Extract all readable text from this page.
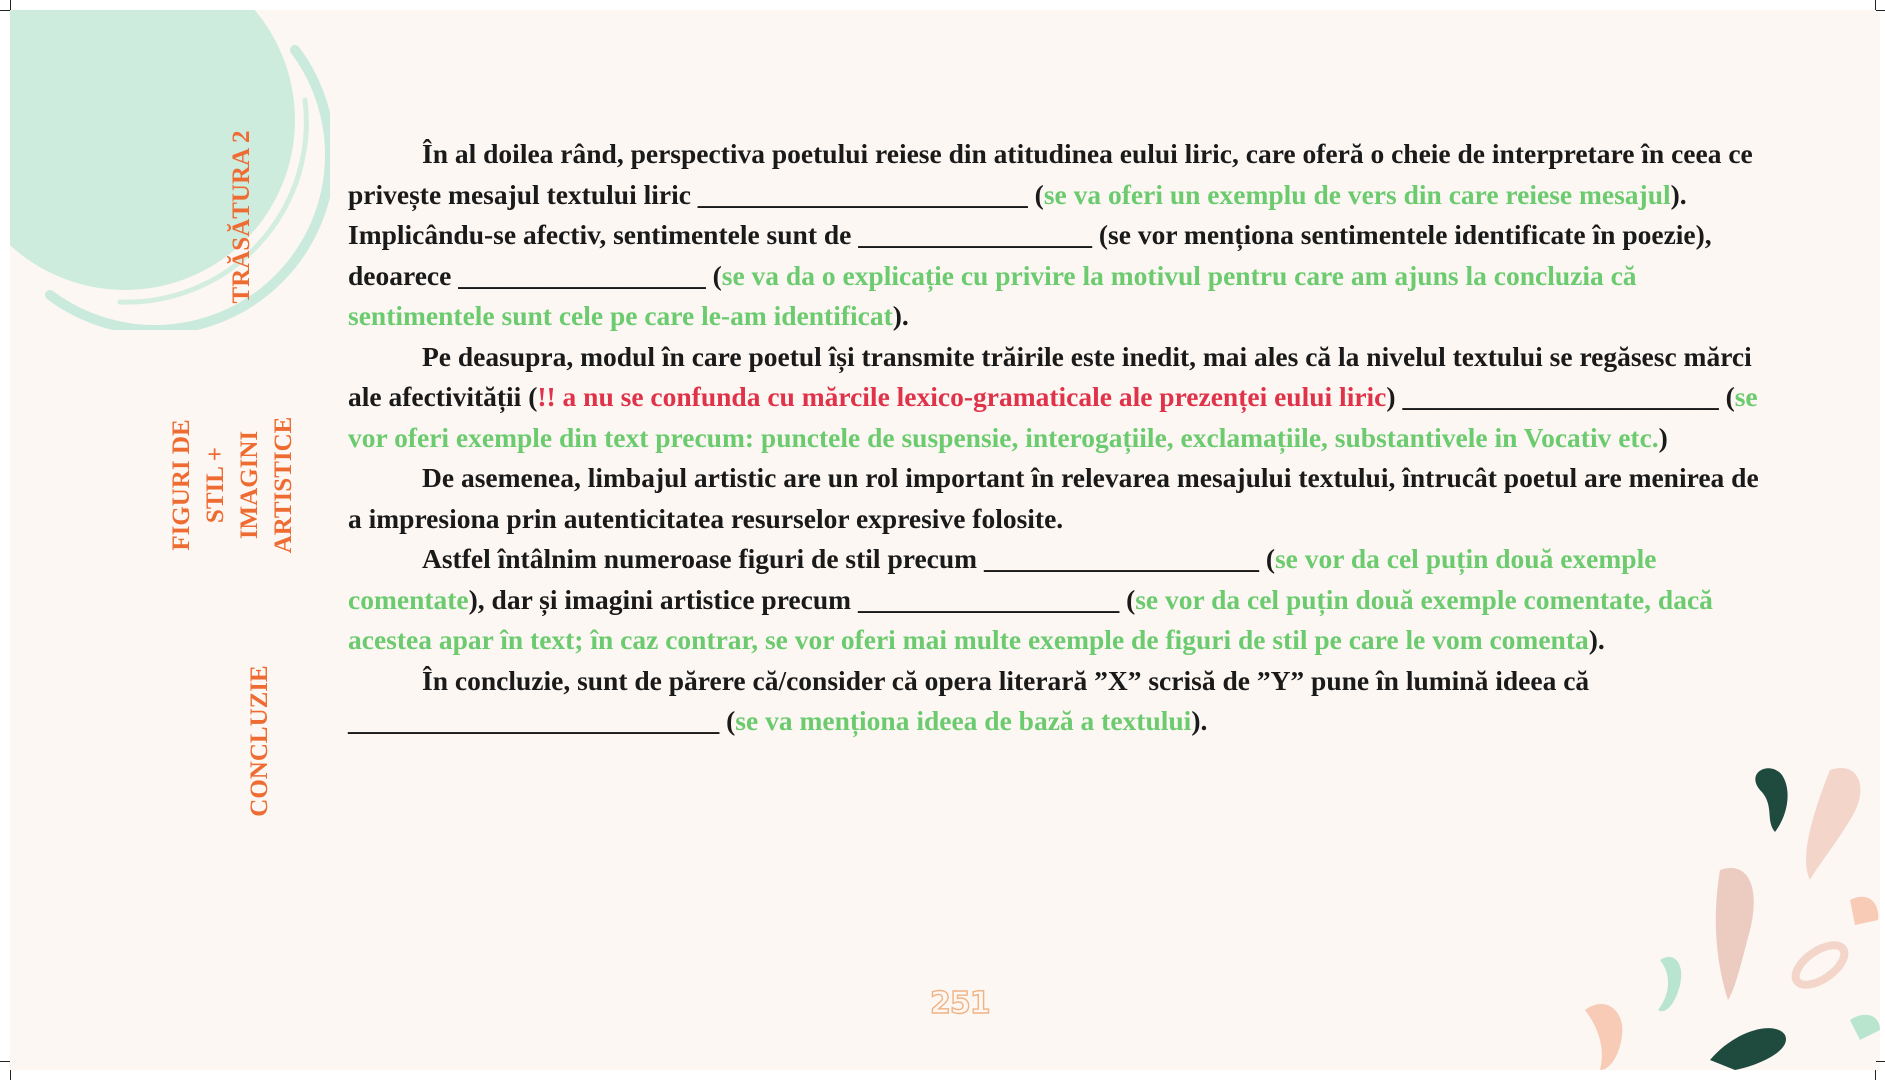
TRĂSĂTURA 2
FIGURI DE STIL + IMAGINI ARTISTICE
CONCLUZIE

În al doilea rând, perspectiva poetului reiese din atitudinea eului liric, care oferă o cheie de interpretare în ceea ce privește mesajul textului liric ________________________ (se va oferi un exemplu de vers din care reiese mesajul). Implicându-se afectiv, sentimentele sunt de _________________ (se vor menționa sentimentele identificate în poezie), deoarece __________________ (se va da o explicație cu privire la motivul pentru care am ajuns la concluzia că sentimentele sunt cele pe care le-am identificat).

Pe deasupra, modul în care poetul își transmite trăirile este inedit, mai ales că la nivelul textului se regăsesc mărci ale afectivității (!! a nu se confunda cu mărcile lexico-gramaticale ale prezenței eului liric) _______________________ (se vor oferi exemple din text precum: punctele de suspensie, interogațiile, exclamațiile, substantivele in Vocativ etc.)

De asemenea, limbajul artistic are un rol important în relevarea mesajului textului, întrucât poetul are menirea de a impresiona prin autenticitatea resurselor expresive folosite.

Astfel întâlnim numeroase figuri de stil precum ____________________ (se vor da cel puțin două exemple comentate), dar și imagini artistice precum ___________________ (se vor da cel puțin două exemple comentate, dacă acestea apar în text; în caz contrar, se vor oferi mai multe exemple de figuri de stil pe care le vom comenta).

În concluzie, sunt de părere că/consider că opera literară ”X” scrisă de ”Y” pune în lumină ideea că ___________________________ (se va menționa ideea de bază a textului).

251
